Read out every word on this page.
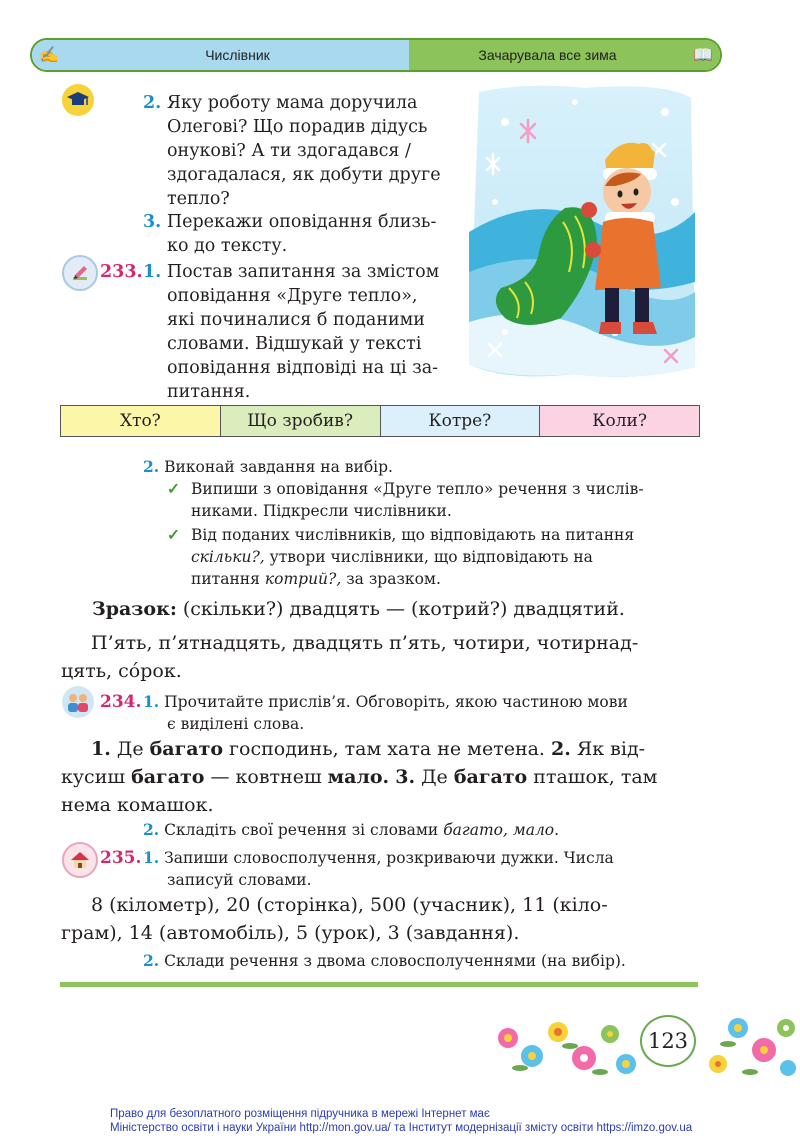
✍	Числівник	Зачарувала все зима	📖
2. Яку роботу мама доручила
Олегові? Що порадив дідусь
онукові? А ти здогадався /
здогадалася, як добути друге
тепло?
3. Перекажи оповідання близь-
ко до тексту.
233. 1. Постав запитання за змістом
оповідання «Друге тепло»,
які починалися б поданими
словами. Відшукай у тексті
оповідання відповіді на ці за-
питання.
Хто?	Що зробив?	Котре?	Коли?
2. Виконай завдання на вибір.
✓ Випиши з оповідання «Друге тепло» речення з числів-
никами. Підкресли числівники.
✓ Від поданих числівників, що відповідають на питання
скільки?, утвори числівники, що відповідають на
питання котрий?, за зразком.
Зразок: (скільки?) двадцять — (котрий?) двадцятий.
П’ять, п’ятнадцять, двадцять п’ять, чотири, чотирнад-
цять, сóрок.
234. 1. Прочитайте прислів’я. Обговоріть, якою частиною мови
є виділені слова.
1. Де багато господинь, там хата не метена. 2. Як від-
кусиш багато — ковтнеш мало. 3. Де багато пташок, там
нема комашок.
2. Складіть свої речення зі словами багато, мало.
235. 1. Запиши словосполучення, розкриваючи дужки. Числа
записуй словами.
8 (кілометр), 20 (сторінка), 500 (учасник), 11 (кіло-
грам), 14 (автомобіль), 5 (урок), 3 (завдання).
2. Склади речення з двома словосполученнями (на вибір).
123
Право для безоплатного розміщення підручника в мережі Інтернет має
Міністерство освіти і науки України http://mon.gov.ua/ та Інститут модернізації змісту освіти https://imzo.gov.ua
